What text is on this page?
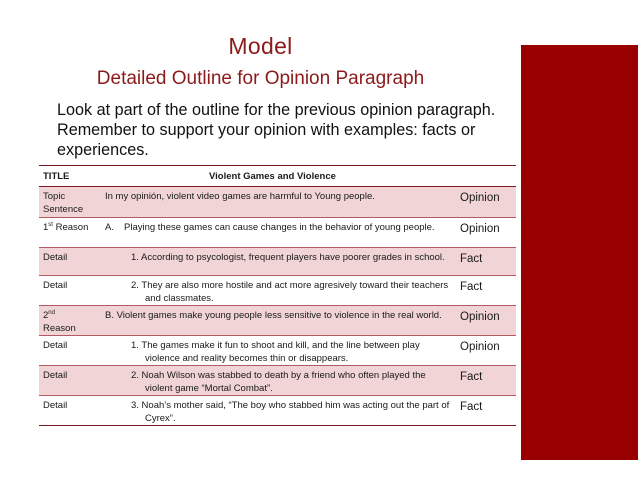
Model
Detailed Outline for Opinion Paragraph
Look at part of the outline for the previous opinion paragraph.
Remember to support your opinion with examples: facts or
experiences.
TITLE	Violent Games and Violence	
Topic Sentence	In my opinión, violent video games are harmful to Young people.	Opinion
1st Reason	A. Playing these games can cause changes in the behavior of young people.	Opinion
Detail	1. According to psycologist, frequent players have poorer grades in school.	Fact
Detail	2. They are also more hostile and act more agresively toward their teachers and classmates.	Fact
2nd
Reason	B. Violent games make young people less sensitive to violence in the real world.	Opinion
Detail	1. The games make it fun to shoot and kill, and the line between play violence and reality becomes thin or disappears.	Opinion
Detail	2. Noah Wilson was stabbed to death by a friend who often played the violent game “Mortal Combat”.	Fact
Detail	3. Noah’s mother said, “The boy who stabbed him was acting out the part of Cyrex”.	Fact
